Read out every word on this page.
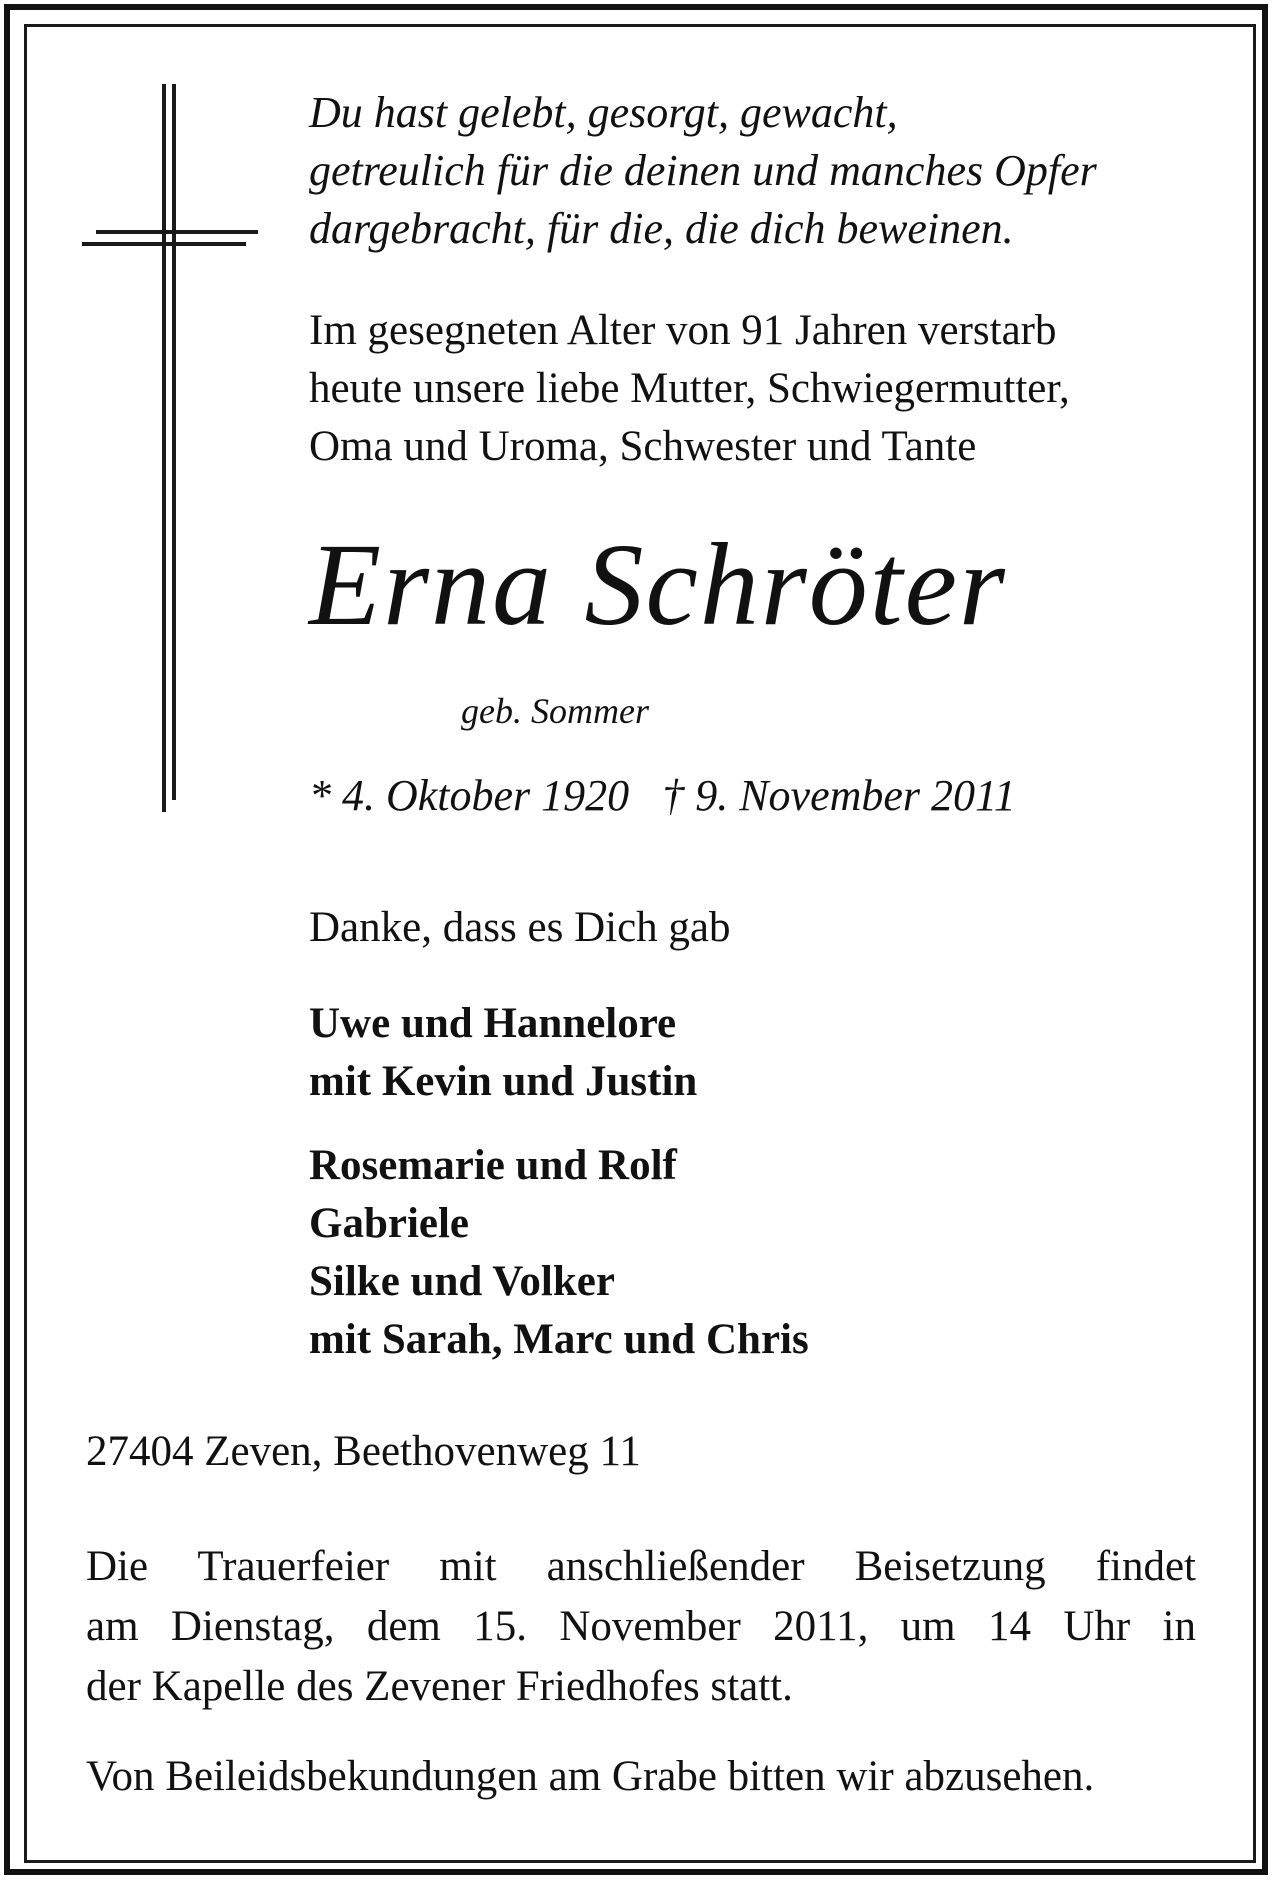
Du hast gelebt, gesorgt, gewacht,
getreulich für die deinen und manches Opfer
dargebracht, für die, die dich beweinen.
Im gesegneten Alter von 91 Jahren verstarb
heute unsere liebe Mutter, Schwiegermutter,
Oma und Uroma, Schwester und Tante
Erna Schröter
geb. Sommer
* 4. Oktober 1920 † 9. November 2011
Danke, dass es Dich gab
Uwe und Hannelore
mit Kevin und Justin
Rosemarie und Rolf
Gabriele
Silke und Volker
mit Sarah, Marc und Chris
27404 Zeven, Beethovenweg 11
Die Trauerfeier mit anschließender Beisetzung findet
am Dienstag, dem 15. November 2011, um 14 Uhr in
der Kapelle des Zevener Friedhofes statt.
Von Beileidsbekundungen am Grabe bitten wir abzusehen.
